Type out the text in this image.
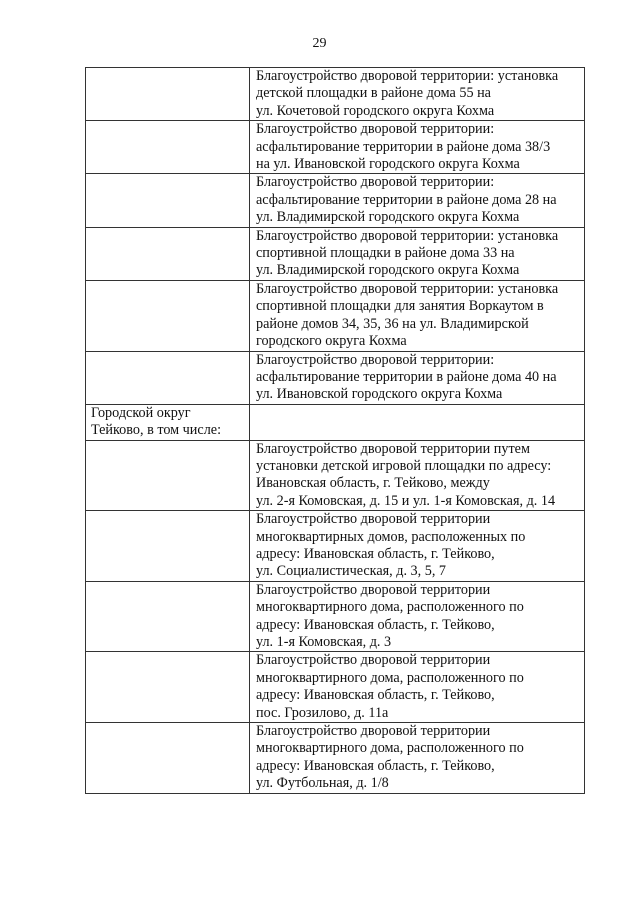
29

	Благоустройство дворовой территории: установка
детской площадки в районе дома 55 на
ул. Кочетовой городского округа Кохма

	Благоустройство дворовой территории:
асфальтирование территории в районе дома 38/3
на ул. Ивановской городского округа Кохма

	Благоустройство дворовой территории:
асфальтирование территории в районе дома 28 на
ул. Владимирской городского округа Кохма

	Благоустройство дворовой территории: установка
спортивной площадки в районе дома 33 на
ул. Владимирской городского округа Кохма

	Благоустройство дворовой территории: установка
спортивной площадки для занятия Воркаутом в
районе домов 34, 35, 36 на ул. Владимирской
городского округа Кохма

	Благоустройство дворовой территории:
асфальтирование территории в районе дома 40 на
ул. Ивановской городского округа Кохма

Городской округ
Тейково, в том числе:	

	Благоустройство дворовой территории путем
установки детской игровой площадки по адресу:
Ивановская область, г. Тейково, между
ул. 2-я Комовская, д. 15 и ул. 1-я Комовская, д. 14

	Благоустройство дворовой территории
многоквартирных домов, расположенных по
адресу: Ивановская область, г. Тейково,
ул. Социалистическая, д. 3, 5, 7

	Благоустройство дворовой территории
многоквартирного дома, расположенного по
адресу: Ивановская область, г. Тейково,
ул. 1-я Комовская, д. 3

	Благоустройство дворовой территории
многоквартирного дома, расположенного по
адресу: Ивановская область, г. Тейково,
пос. Грозилово, д. 11а

	Благоустройство дворовой территории
многоквартирного дома, расположенного по
адресу: Ивановская область, г. Тейково,
ул. Футбольная, д. 1/8
